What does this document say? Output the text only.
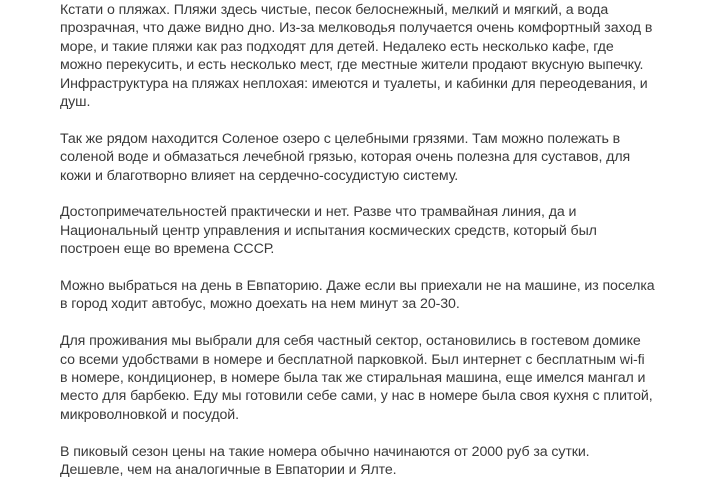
Кстати о пляжах. Пляжи здесь чистые, песок белоснежный, мелкий и мягкий, а вода
прозрачная, что даже видно дно. Из-за мелководья получается очень комфортный заход в
море, и такие пляжи как раз подходят для детей. Недалеко есть несколько кафе, где
можно перекусить, и есть несколько мест, где местные жители продают вкусную выпечку.
Инфраструктура на пляжах неплохая: имеются и туалеты, и кабинки для переодевания, и
душ.

Так же рядом находится Соленое озеро с целебными грязями. Там можно полежать в
соленой воде и обмазаться лечебной грязью, которая очень полезна для суставов, для
кожи и благотворно влияет на сердечно-сосудистую систему.

Достопримечательностей практически и нет. Разве что трамвайная линия, да и
Национальный центр управления и испытания космических средств, который был
построен еще во времена СССР.

Можно выбраться на день в Евпаторию. Даже если вы приехали не на машине, из поселка
в город ходит автобус, можно доехать на нем минут за 20-30.

Для проживания мы выбрали для себя частный сектор, остановились в гостевом домике
со всеми удобствами в номере и бесплатной парковкой. Был интернет с бесплатным wi-fi
в номере, кондиционер, в номере была так же стиральная машина, еще имелся мангал и
место для барбекю. Еду мы готовили себе сами, у нас в номере была своя кухня с плитой,
микроволновкой и посудой.

В пиковый сезон цены на такие номера обычно начинаются от 2000 руб за сутки.
Дешевле, чем на аналогичные в Евпатории и Ялте.
